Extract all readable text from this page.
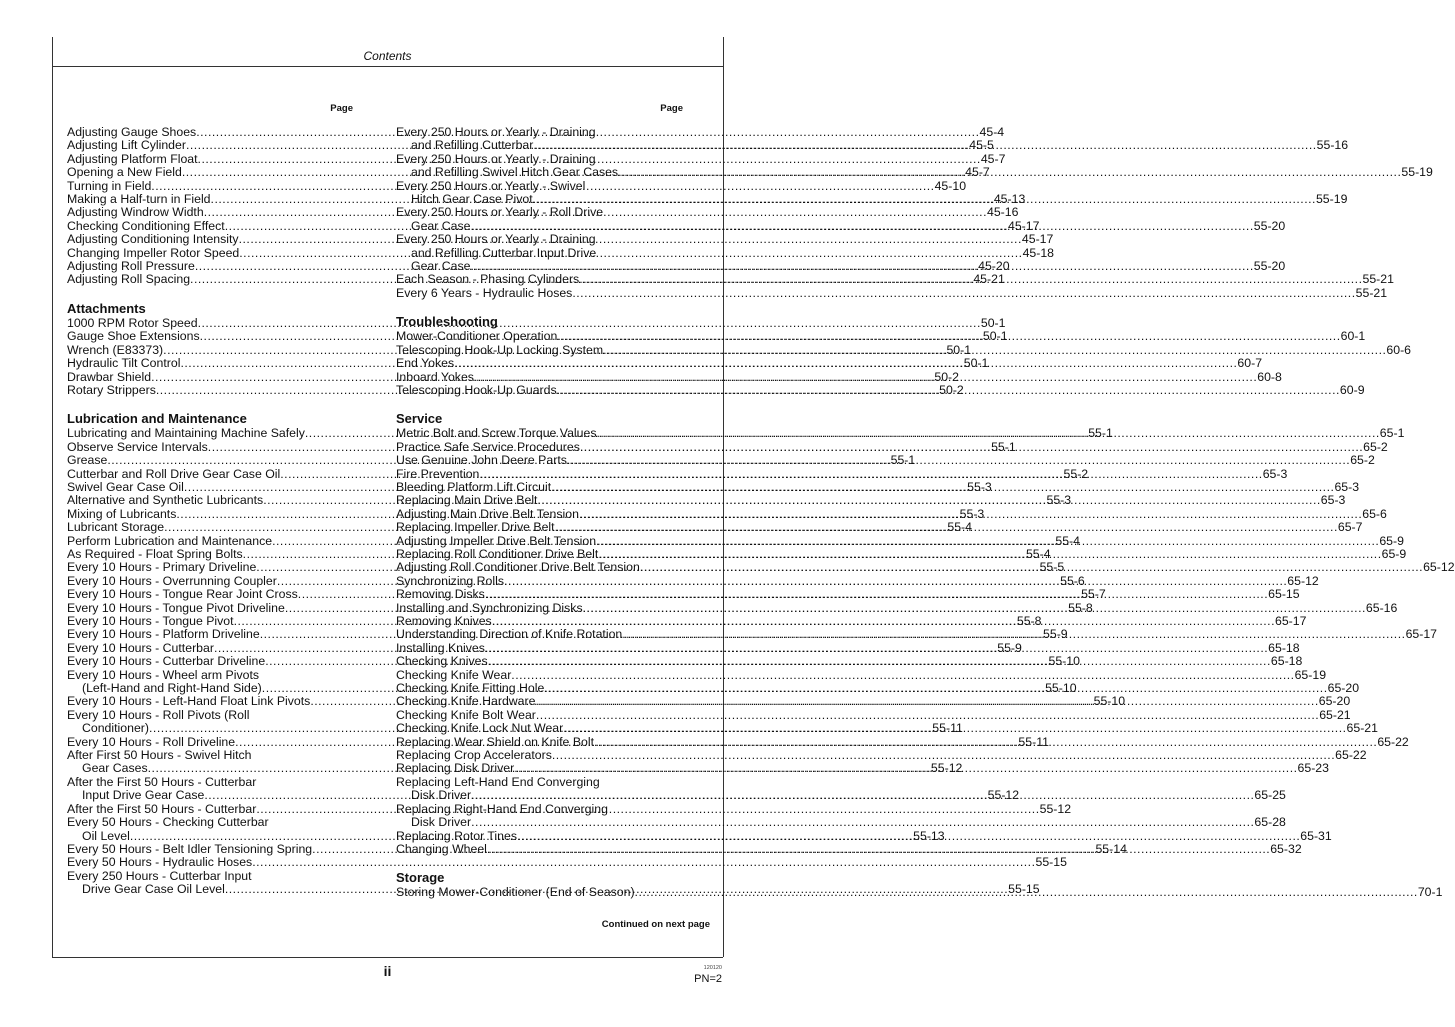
Contents
Page
Adjusting Gauge Shoes .....	45-4
Adjusting Lift Cylinder .....	45-5
Adjusting Platform Float .....	45-7
Opening a New Field .....	45-7
Turning in Field .....	45-10
Making a Half-turn in Field .....	45-13
Adjusting Windrow Width .....	45-16
Checking Conditioning Effect .....	45-17
Adjusting Conditioning Intensity .....	45-17
Changing Impeller Rotor Speed .....	45-18
Adjusting Roll Pressure .....	45-20
Adjusting Roll Spacing .....	45-21
Attachments
1000 RPM Rotor Speed .....	50-1
Gauge Shoe Extensions .....	50-1
Wrench (E83373) .....	50-1
Hydraulic Tilt Control .....	50-1
Drawbar Shield .....	50-2
Rotary Strippers .....	50-2
Lubrication and Maintenance
Lubricating and Maintaining Machine Safely .....	55-1
Observe Service Intervals .....	55-1
Grease .....	55-1
Cutterbar and Roll Drive Gear Case Oil .....	55-2
Swivel Gear Case Oil .....	55-3
Alternative and Synthetic Lubricants .....	55-3
Mixing of Lubricants .....	55-3
Lubricant Storage .....	55-4
Perform Lubrication and Maintenance .....	55-4
As Required - Float Spring Bolts .....	55-4
Every 10 Hours - Primary Driveline .....	55-5
Every 10 Hours - Overrunning Coupler .....	55-6
Every 10 Hours - Tongue Rear Joint Cross .....	55-7
Every 10 Hours - Tongue Pivot Driveline .....	55-8
Every 10 Hours - Tongue Pivot .....	55-8
Every 10 Hours - Platform Driveline .....	55-9
Every 10 Hours - Cutterbar .....	55-9
Every 10 Hours - Cutterbar Driveline .....	55-10
Every 10 Hours - Wheel arm Pivots
(Left-Hand and Right-Hand Side) .....	55-10
Every 10 Hours - Left-Hand Float Link Pivots .....	55-10
Every 10 Hours - Roll Pivots (Roll
Conditioner) .....	55-11
Every 10 Hours - Roll Driveline .....	55-11
After First 50 Hours - Swivel Hitch
Gear Cases .....	55-12
After the First 50 Hours - Cutterbar
Input Drive Gear Case .....	55-12
After the First 50 Hours - Cutterbar .....	55-12
Every 50 Hours - Checking Cutterbar
Oil Level .....	55-13
Every 50 Hours - Belt Idler Tensioning Spring .....	55-14
Every 50 Hours - Hydraulic Hoses .....	55-15
Every 250 Hours - Cutterbar Input
Drive Gear Case Oil Level .....	55-15
Page
Every 250 Hours or Yearly - Draining
and Refilling Cutterbar .....	55-16
Every 250 Hours or Yearly - Draining
and Refilling Swivel Hitch Gear Cases .....	55-19
Every 250 Hours or Yearly - Swivel
Hitch Gear Case Pivot .....	55-19
Every 250 Hours or Yearly - Roll Drive
Gear Case .....	55-20
Every 250 Hours or Yearly - Draining
and Refilling Cutterbar Input Drive
Gear Case .....	55-20
Each Season - Phasing Cylinders .....	55-21
Every 6 Years - Hydraulic Hoses .....	55-21
Troubleshooting
Mower-Conditioner Operation .....	60-1
Telescoping Hook-Up Locking System .....	60-6
End Yokes .....	60-7
Inboard Yokes .....	60-8
Telescoping Hook-Up Guards .....	60-9
Service
Metric Bolt and Screw Torque Values .....	65-1
Practice Safe Service Procedures .....	65-2
Use Genuine John Deere Parts .....	65-2
Fire Prevention .....	65-3
Bleeding Platform Lift Circuit .....	65-3
Replacing Main Drive Belt .....	65-3
Adjusting Main Drive Belt Tension .....	65-6
Replacing Impeller Drive Belt .....	65-7
Adjusting Impeller Drive Belt Tension .....	65-9
Replacing Roll Conditioner Drive Belt .....	65-9
Adjusting Roll Conditioner Drive Belt Tension .....	65-12
Synchronizing Rolls .....	65-12
Removing Disks .....	65-15
Installing and Synchronizing Disks .....	65-16
Removing Knives .....	65-17
Understanding Direction of Knife Rotation .....	65-17
Installing Knives .....	65-18
Checking Knives .....	65-18
Checking Knife Wear .....	65-19
Checking Knife Fitting Hole .....	65-20
Checking Knife Hardware .....	65-20
Checking Knife Bolt Wear .....	65-21
Checking Knife Lock Nut Wear .....	65-21
Replacing Wear Shield on Knife Bolt .....	65-22
Replacing Crop Accelerators .....	65-22
Replacing Disk Driver .....	65-23
Replacing Left-Hand End Converging
Disk Driver .....	65-25
Replacing Right-Hand End Converging
Disk Driver .....	65-28
Replacing Rotor Tines .....	65-31
Changing Wheel .....	65-32
Storage
Storing Mower-Conditioner (End of Season) .....	70-1
Continued on next page
ii	120120
PN=2
